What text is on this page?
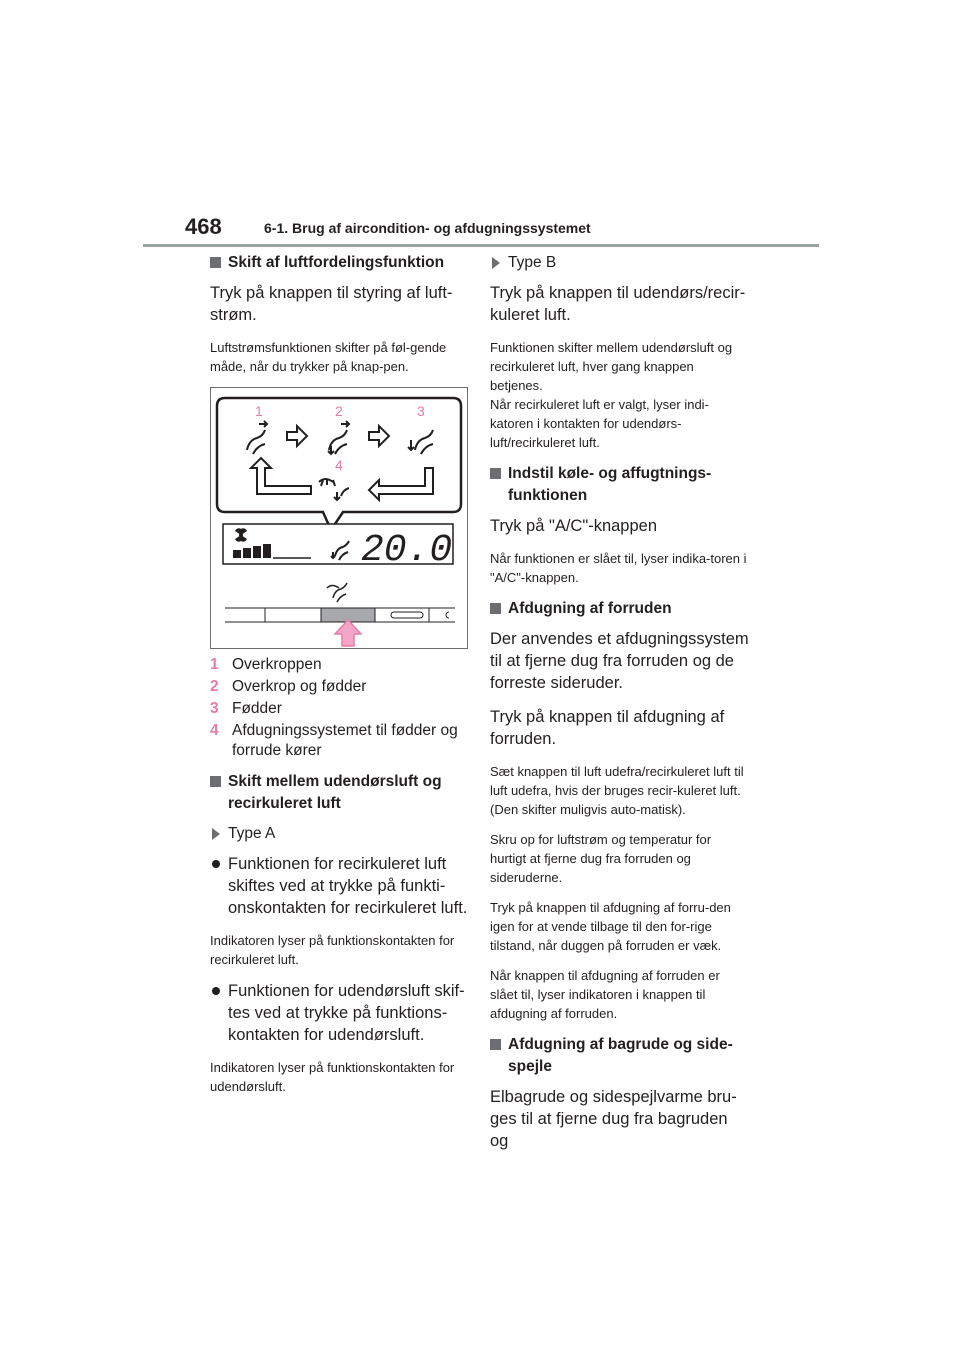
468	6-1. Brug af aircondition- og afdugningssystemet
Skift af luftfordelingsfunktion
Tryk på knappen til styring af luft-strøm.
Luftstrømsfunktionen skifter på føl-gende måde, når du trykker på knap-pen.
1	2	3
4
20.0
1 Overkroppen
2 Overkrop og fødder
3 Fødder
4 Afdugningssystemet til fødder og forrude kører
Skift mellem udendørsluft og recirkuleret luft
Type A
Funktionen for recirkuleret luft skiftes ved at trykke på funkti-onskontakten for recirkuleret luft.
Indikatoren lyser på funktionskontakten for recirkuleret luft.
Funktionen for udendørsluft skif-tes ved at trykke på funktions-kontakten for udendørsluft.
Indikatoren lyser på funktionskontakten for udendørsluft.
Type B
Tryk på knappen til udendørs/recir-kuleret luft.
Funktionen skifter mellem udendørsluft og recirkuleret luft, hver gang knappen betjenes.
Når recirkuleret luft er valgt, lyser indi-katoren i kontakten for udendørs-luft/recirkuleret luft.
Indstil køle- og affugtnings-funktionen
Tryk på "A/C"-knappen
Når funktionen er slået til, lyser indika-toren i "A/C"-knappen.
Afdugning af forruden
Der anvendes et afdugningssystem til at fjerne dug fra forruden og de forreste sideruder.
Tryk på knappen til afdugning af forruden.
Sæt knappen til luft udefra/recirkuleret luft til luft udefra, hvis der bruges recir-kuleret luft. (Den skifter muligvis auto-matisk).
Skru op for luftstrøm og temperatur for hurtigt at fjerne dug fra forruden og sideruderne.
Tryk på knappen til afdugning af forru-den igen for at vende tilbage til den for-rige tilstand, når duggen på forruden er væk.
Når knappen til afdugning af forruden er slået til, lyser indikatoren i knappen til afdugning af forruden.
Afdugning af bagrude og side-spejle
Elbagrude og sidespejlvarme bru-ges til at fjerne dug fra bagruden og
